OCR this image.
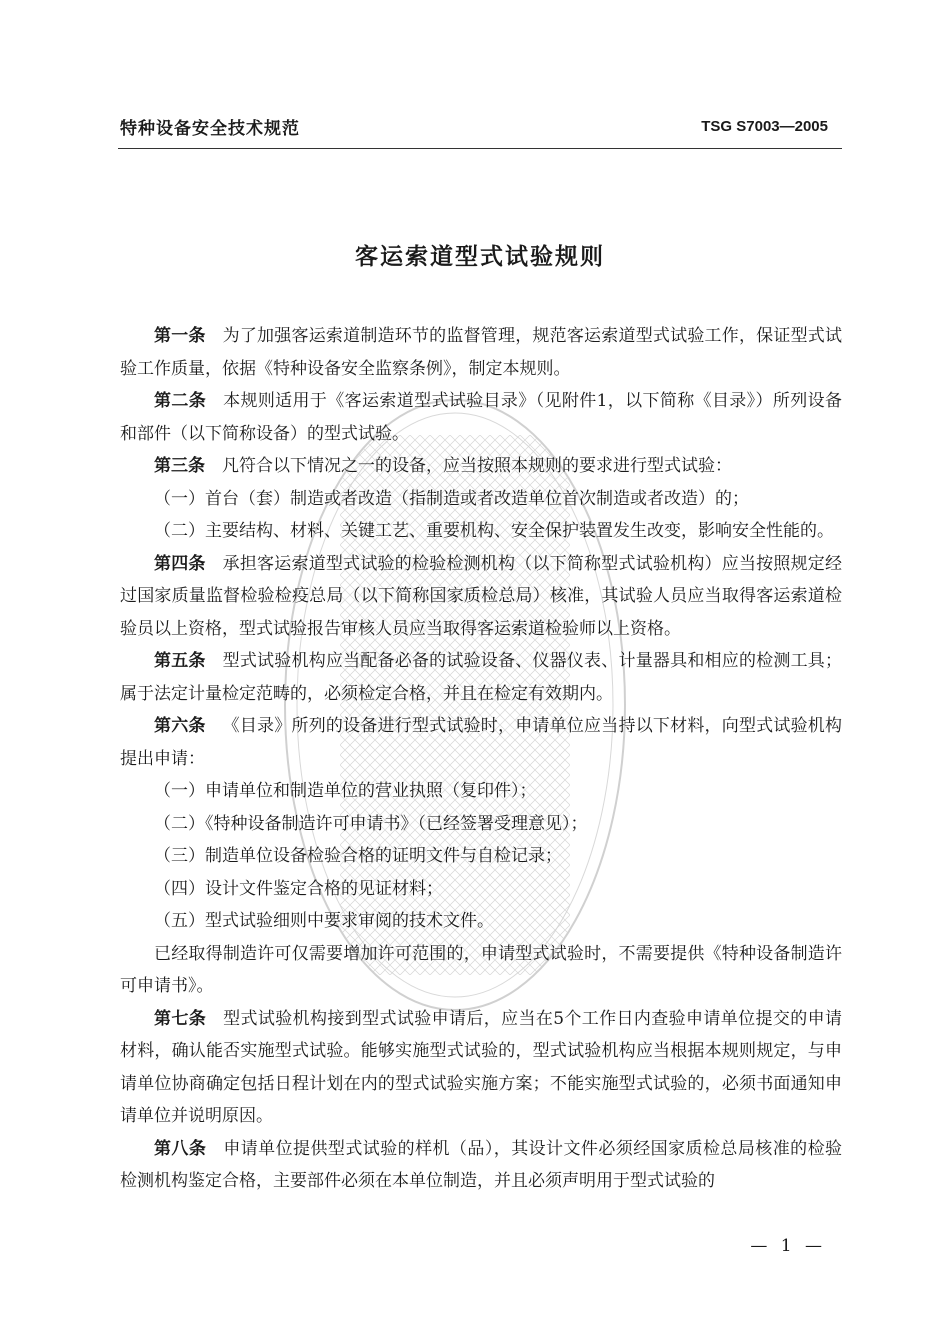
特种设备安全技术规范	TSG S7003—2005
客运索道型式试验规则

第一条 为了加强客运索道制造环节的监督管理，规范客运索道型式试验工作，保证型式试验工作质量，依据《特种设备安全监察条例》，制定本规则。

第二条 本规则适用于《客运索道型式试验目录》（见附件1，以下简称《目录》）所列设备和部件（以下简称设备）的型式试验。

第三条 凡符合以下情况之一的设备，应当按照本规则的要求进行型式试验：

（一）首台（套）制造或者改造（指制造或者改造单位首次制造或者改造）的；

（二）主要结构、材料、关键工艺、重要机构、安全保护装置发生改变，影响安全性能的。

第四条 承担客运索道型式试验的检验检测机构（以下简称型式试验机构）应当按照规定经过国家质量监督检验检疫总局（以下简称国家质检总局）核准，其试验人员应当取得客运索道检验员以上资格，型式试验报告审核人员应当取得客运索道检验师以上资格。

第五条 型式试验机构应当配备必备的试验设备、仪器仪表、计量器具和相应的检测工具；属于法定计量检定范畴的，必须检定合格，并且在检定有效期内。

第六条 《目录》所列的设备进行型式试验时，申请单位应当持以下材料，向型式试验机构提出申请：

（一）申请单位和制造单位的营业执照（复印件）；

（二）《特种设备制造许可申请书》（已经签署受理意见）；

（三）制造单位设备检验合格的证明文件与自检记录；

（四）设计文件鉴定合格的见证材料；

（五）型式试验细则中要求审阅的技术文件。

已经取得制造许可仅需要增加许可范围的，申请型式试验时，不需要提供《特种设备制造许可申请书》。

第七条 型式试验机构接到型式试验申请后，应当在5个工作日内查验申请单位提交的申请材料，确认能否实施型式试验。能够实施型式试验的，型式试验机构应当根据本规则规定，与申请单位协商确定包括日程计划在内的型式试验实施方案；不能实施型式试验的，必须书面通知申请单位并说明原因。

第八条 申请单位提供型式试验的样机（品），其设计文件必须经国家质检总局核准的检验检测机构鉴定合格，主要部件必须在本单位制造，并且必须声明用于型式试验的

— 1 —
